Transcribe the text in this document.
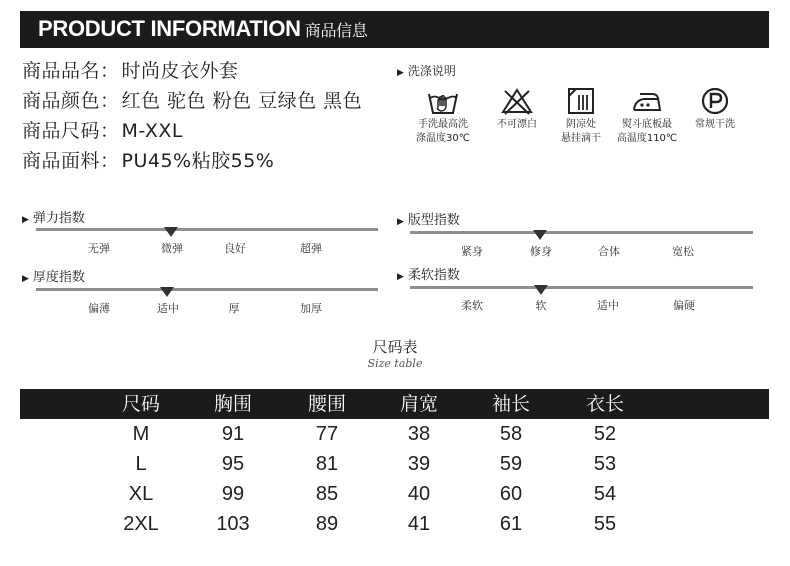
PRODUCT INFORMATION 商品信息
商品品名： 时尚皮衣外套
商品颜色： 红色 驼色 粉色 豆绿色 黑色
商品尺码： M-XXL
商品面料： PU45%粘胶55%
▶ 洗涤说明
手洗最高洗
涤温度30℃
不可漂白	阴凉处
悬挂滴干
熨斗底板最
高温度110℃
常规干洗
▶ 弹力指数
无弹	微弹	良好	超弹
▶ 版型指数
紧身	修身	合体	宽松
▶ 厚度指数
偏薄	适中	厚	加厚
▶ 柔软指数
柔软	软	适中	偏硬
尺码表
Size table
尺码	胸围	腰围	肩宽	袖长	衣长
M	91	77	38	58	52
L	95	81	39	59	53
XL	99	85	40	60	54
2XL	103	89	41	61	55
